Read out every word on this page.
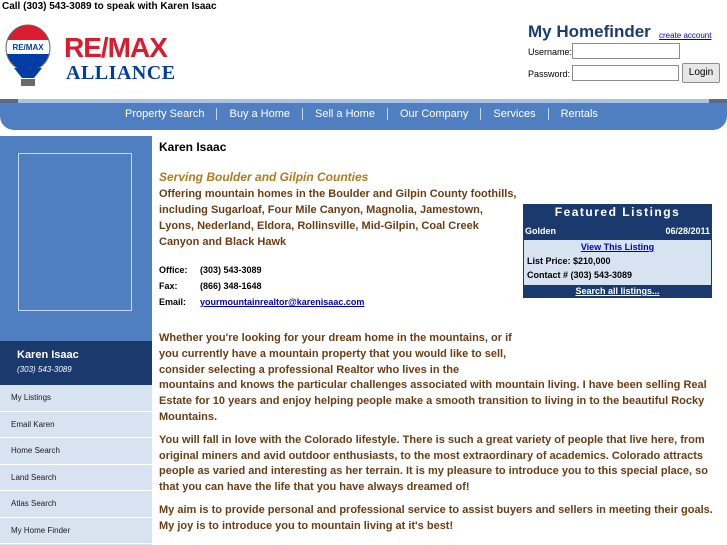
Call (303) 543-3089 to speak with Karen Isaac
RE/MAX RE/MAX
ALLIANCE
My Homefinder create account
Username:
Password:	Login
Property Search Buy a Home Sell a Home Our Company Services Rentals
Karen Isaac
(303) 543-3089
My Listings
Email Karen
Home Search
Land Search
Atlas Search
My Home Finder
Karen Isaac
Serving Boulder and Gilpin Counties
Offering mountain homes in the Boulder and Gilpin County foothills, including Sugarloaf, Four Mile Canyon, Magnolia, Jamestown, Lyons, Nederland, Eldora, Rollinsville, Mid-Gilpin, Coal Creek Canyon and Black Hawk
Office: (303) 543-3089
Fax: (866) 348-1648
Email: yourmountainrealtor@karenisaac.com
Featured Listings
Golden	06/28/2011
View This Listing
List Price: $210,000
Contact # (303) 543-3089
Search all listings...
Whether you're looking for your dream home in the mountains, or if you currently have a mountain property that you would like to sell, consider selecting a professional Realtor who lives in the

mountains and knows the particular challenges associated with mountain living. I have been selling Real Estate for 10 years and enjoy helping people make a smooth transition to living in to the beautiful Rocky Mountains.

You will fall in love with the Colorado lifestyle. There is such a great variety of people that live here, from original miners and avid outdoor enthusiasts, to the most extraordinary of academics. Colorado attracts people as varied and interesting as her terrain. It is my pleasure to introduce you to this special place, so that you can have the life that you have always dreamed of!

My aim is to provide personal and professional service to assist buyers and sellers in meeting their goals. My joy is to introduce you to mountain living at it's best!
